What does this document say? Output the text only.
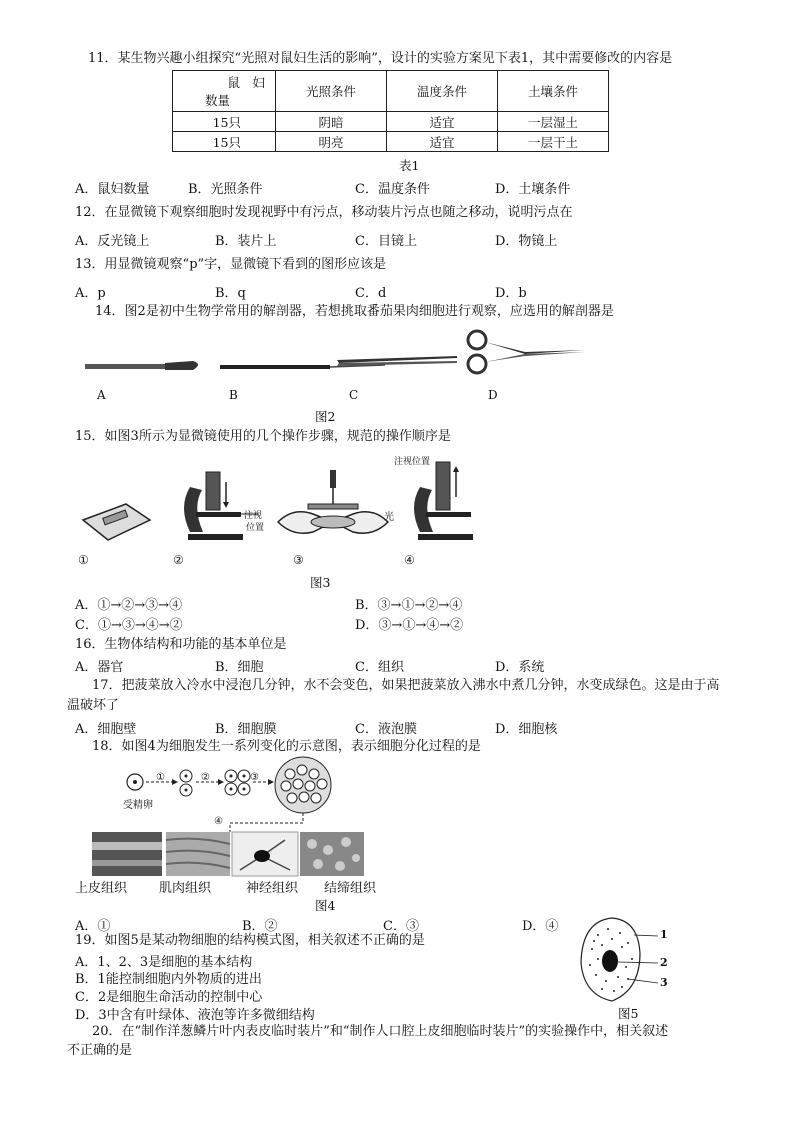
11．某生物兴趣小组探究“光照对鼠妇生活的影响”，设计的实验方案见下表1，其中需要修改的内容是
鼠　妇
数量	光照条件	温度条件	土壤条件
15只	阴暗	适宜	一层湿土
15只	明亮	适宜	一层干土
表1
A．鼠妇数量	B．光照条件	C．温度条件	D．土壤条件
12．在显微镜下观察细胞时发现视野中有污点，移动装片污点也随之移动，说明污点在
A．反光镜上	B．装片上	C．目镜上	D．物镜上
13．用显微镜观察“p”字，显微镜下看到的图形应该是
A．p	B．q	C．d	D．b
14．图2是初中生物学常用的解剖器，若想挑取番茄果肉细胞进行观察，应选用的解剖器是
A	B	C	D
图2
15．如图3所示为显微镜使用的几个操作步骤，规范的操作顺序是
注视
位置
光
注视位置
①	②	③	④
图3
A．①→②→③→④	B．③→①→②→④
C．①→③→④→②	D．③→①→④→②
16．生物体结构和功能的基本单位是
A．器官	B．细胞	C．组织	D．系统
17．把菠菜放入冷水中浸泡几分钟，水不会变色，如果把菠菜放入沸水中煮几分钟，水变成绿色。这是由于高
温破坏了
A．细胞壁	B．细胞膜	C．液泡膜	D．细胞核
18．如图4为细胞发生一系列变化的示意图，表示细胞分化过程的是
受精卵
①	②	③
④
上皮组织 肌肉组织	神经组织 结缔组织
图4
A．①	B．②	C．③	D．④
19．如图5是某动物细胞的结构模式图，相关叙述不正确的是
A．1、2、3是细胞的基本结构
B．1能控制细胞内外物质的进出
C．2是细胞生命活动的控制中心
D．3中含有叶绿体、液泡等许多微细结构
1
2
3
图5
20．在“制作洋葱鳞片叶内表皮临时装片”和“制作人口腔上皮细胞临时装片”的实验操作中，相关叙述
不正确的是
